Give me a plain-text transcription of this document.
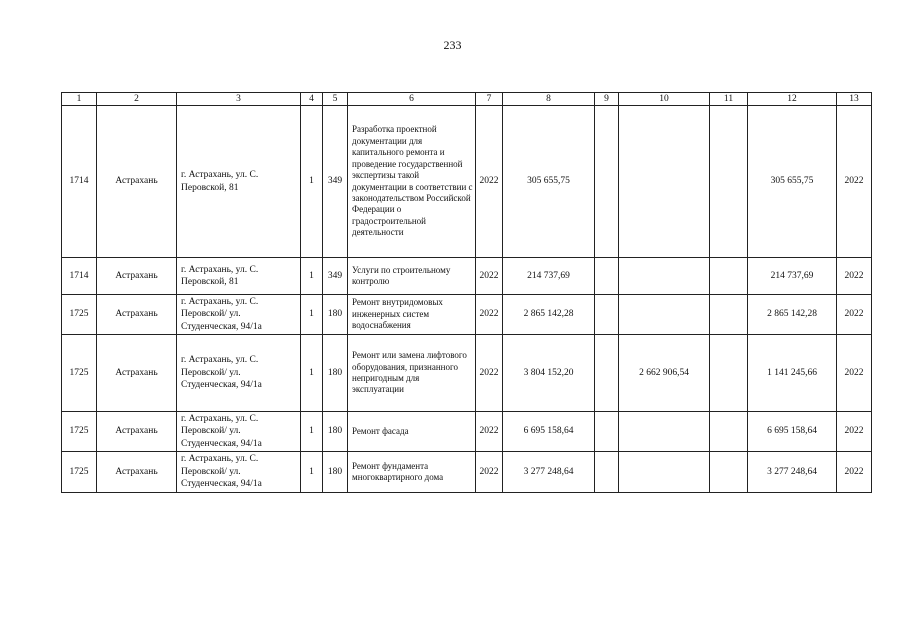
233
1	2	3	4	5	6	7	8	9	10	11	12	13
1714	Астрахань	г. Астрахань, ул. С. Перовской, 81	1	349	Разработка проектной документации для капитального ремонта и проведение государственной экспертизы такой документации в соответствии с законодательством Российской Федерации о градостроительной деятельности	2022	305 655,75				305 655,75	2022
1714	Астрахань	г. Астрахань, ул. С. Перовской, 81	1	349	Услуги по строительному контролю	2022	214 737,69				214 737,69	2022
1725	Астрахань	г. Астрахань, ул. С. Перовской/ ул. Студенческая, 94/1а	1	180	Ремонт внутридомовых инженерных систем водоснабжения	2022	2 865 142,28				2 865 142,28	2022
1725	Астрахань	г. Астрахань, ул. С. Перовской/ ул. Студенческая, 94/1а	1	180	Ремонт или замена лифтового оборудования, признанного непригодным для эксплуатации	2022	3 804 152,20		2 662 906,54		1 141 245,66	2022
1725	Астрахань	г. Астрахань, ул. С. Перовской/ ул. Студенческая, 94/1а	1	180	Ремонт фасада	2022	6 695 158,64				6 695 158,64	2022
1725	Астрахань	г. Астрахань, ул. С. Перовской/ ул. Студенческая, 94/1а	1	180	Ремонт фундамента многоквартирного дома	2022	3 277 248,64				3 277 248,64	2022
